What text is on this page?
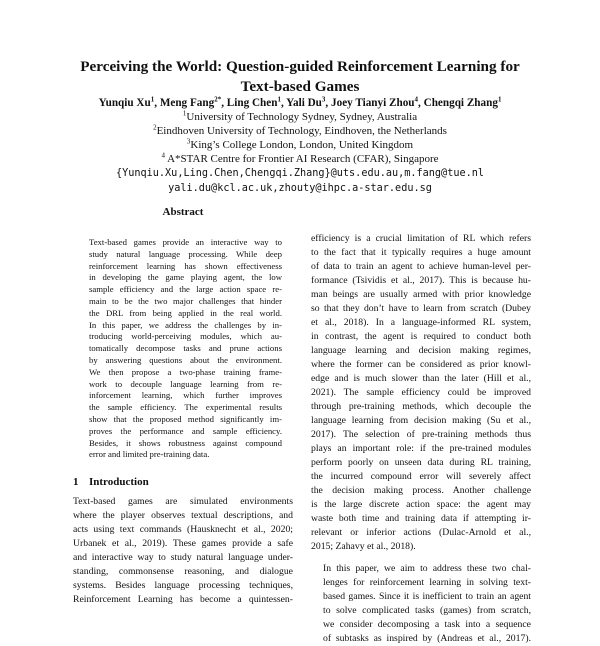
Perceiving the World: Question-guided Reinforcement Learning for
Text-based Games
Yunqiu Xu$^1$, Meng Fang$^{2*}$, Ling Chen$^1$, Yali Du$^3$, Joey Tianyi Zhou$^4$, Chengqi Zhang$^1$
$^1$University of Technology Sydney, Sydney, Australia
$^2$Eindhoven University of Technology, Eindhoven, the Netherlands
$^3$King’s College London, London, United Kingdom
$^4$ A*STAR Centre for Frontier AI Research (CFAR), Singapore
{Yunqiu.Xu,Ling.Chen,Chengqi.Zhang}@uts.edu.au,m.fang@tue.nl
yali.du@kcl.ac.uk,zhouty@ihpc.a-star.edu.sg
Abstract
Text-based games provide an interactive way to
study natural language processing. While deep
reinforcement learning has shown effectiveness
in developing the game playing agent, the low
sample efficiency and the large action space re-
main to be the two major challenges that hinder
the DRL from being applied in the real world.
In this paper, we address the challenges by in-
troducing world-perceiving modules, which au-
tomatically decompose tasks and prune actions
by answering questions about the environment.
We then propose a two-phase training frame-
work to decouple language learning from re-
inforcement learning, which further improves
the sample efficiency. The experimental results
show that the proposed method significantly im-
proves the performance and sample efficiency.
Besides, it shows robustness against compound
error and limited pre-training data.
1 Introduction
Text-based games are simulated environments
where the player observes textual descriptions, and
acts using text commands (Hausknecht et al., 2020;
Urbanek et al., 2019). These games provide a safe
and interactive way to study natural language under-
standing, commonsense reasoning, and dialogue
systems. Besides language processing techniques,
Reinforcement Learning has become a quintessen-
efficiency is a crucial limitation of RL which refers
to the fact that it typically requires a huge amount
of data to train an agent to achieve human-level per-
formance (Tsividis et al., 2017). This is because hu-
man beings are usually armed with prior knowledge
so that they don’t have to learn from scratch (Dubey
et al., 2018). In a language-informed RL system,
in contrast, the agent is required to conduct both
language learning and decision making regimes,
where the former can be considered as prior knowl-
edge and is much slower than the later (Hill et al.,
2021). The sample efficiency could be improved
through pre-training methods, which decouple the
language learning from decision making (Su et al.,
2017). The selection of pre-training methods thus
plays an important role: if the pre-trained modules
perform poorly on unseen data during RL training,
the incurred compound error will severely affect
the decision making process. Another challenge
is the large discrete action space: the agent may
waste both time and training data if attempting ir-
relevant or inferior actions (Dulac-Arnold et al.,
2015; Zahavy et al., 2018).
In this paper, we aim to address these two chal-
lenges for reinforcement learning in solving text-
based games. Since it is inefficient to train an agent
to solve complicated tasks (games) from scratch,
we consider decomposing a task into a sequence
of subtasks as inspired by (Andreas et al., 2017).
